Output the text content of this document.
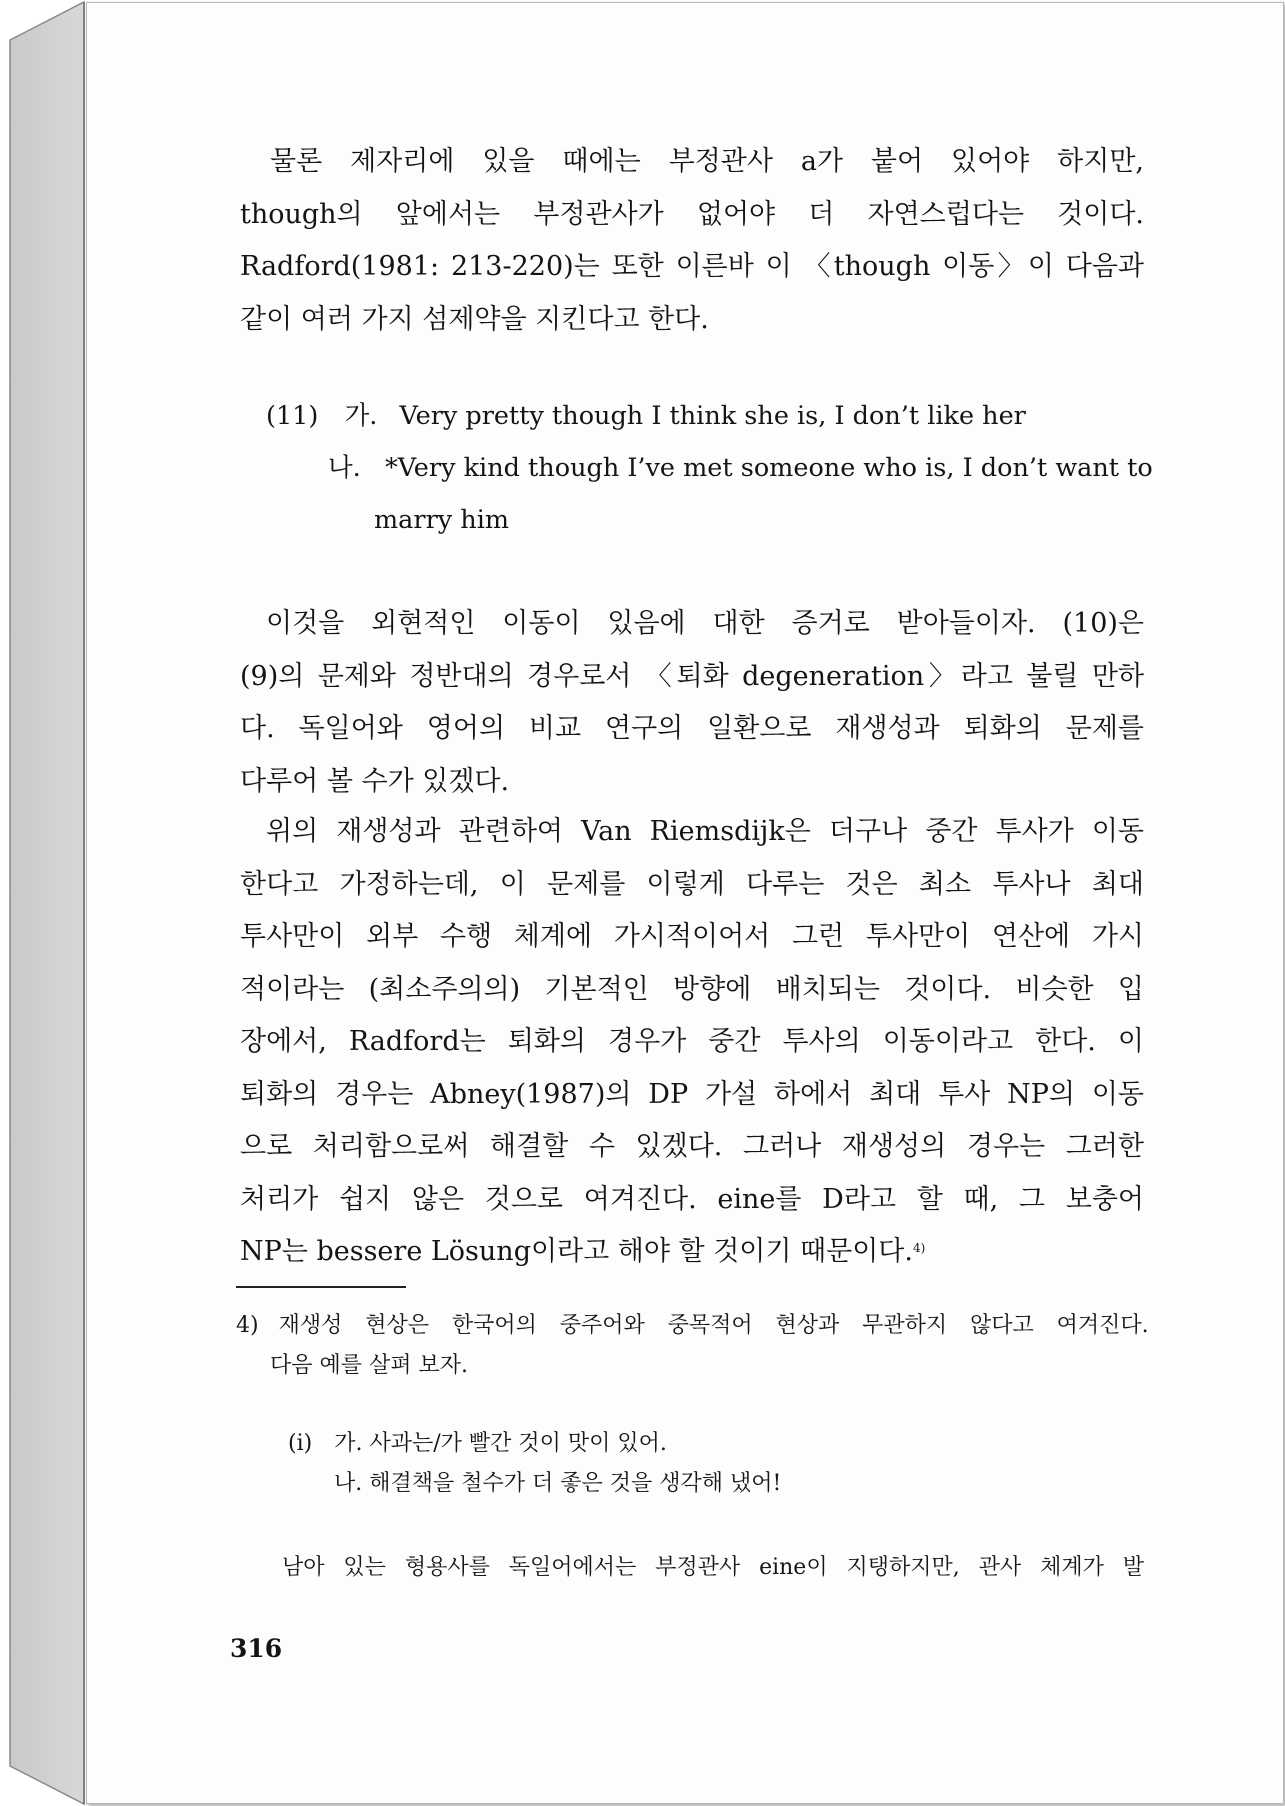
물론 제자리에 있을 때에는 부정관사 a가 붙어 있어야 하지만,
though의 앞에서는 부정관사가 없어야 더 자연스럽다는 것이다.
Radford(1981: 213-220)는 또한 이른바 이 〈though 이동〉이 다음과
같이 여러 가지 섬제약을 지킨다고 한다.
(11) 가. Very pretty though I think she is, I don’t like her
나. *Very kind though I’ve met someone who is, I don’t want to
marry him
이것을 외현적인 이동이 있음에 대한 증거로 받아들이자. (10)은
(9)의 문제와 정반대의 경우로서 〈퇴화 degeneration〉라고 불릴 만하
다. 독일어와 영어의 비교 연구의 일환으로 재생성과 퇴화의 문제를
다루어 볼 수가 있겠다.
위의 재생성과 관련하여 Van Riemsdijk은 더구나 중간 투사가 이동
한다고 가정하는데, 이 문제를 이렇게 다루는 것은 최소 투사나 최대
투사만이 외부 수행 체계에 가시적이어서 그런 투사만이 연산에 가시
적이라는 (최소주의의) 기본적인 방향에 배치되는 것이다. 비슷한 입
장에서, Radford는 퇴화의 경우가 중간 투사의 이동이라고 한다. 이
퇴화의 경우는 Abney(1987)의 DP 가설 하에서 최대 투사 NP의 이동
으로 처리함으로써 해결할 수 있겠다. 그러나 재생성의 경우는 그러한
처리가 쉽지 않은 것으로 여겨진다. eine를 D라고 할 때, 그 보충어
NP는 bessere Lösung이라고 해야 할 것이기 때문이다.$^{4)}$
4) 재생성 현상은 한국어의 중주어와 중목적어 현상과 무관하지 않다고 여겨진다.
다음 예를 살펴 보자.
(i) 가. 사과는/가 빨간 것이 맛이 있어.
나. 해결책을 철수가 더 좋은 것을 생각해 냈어!
남아 있는 형용사를 독일어에서는 부정관사 eine이 지탱하지만, 관사 체계가 발
316
